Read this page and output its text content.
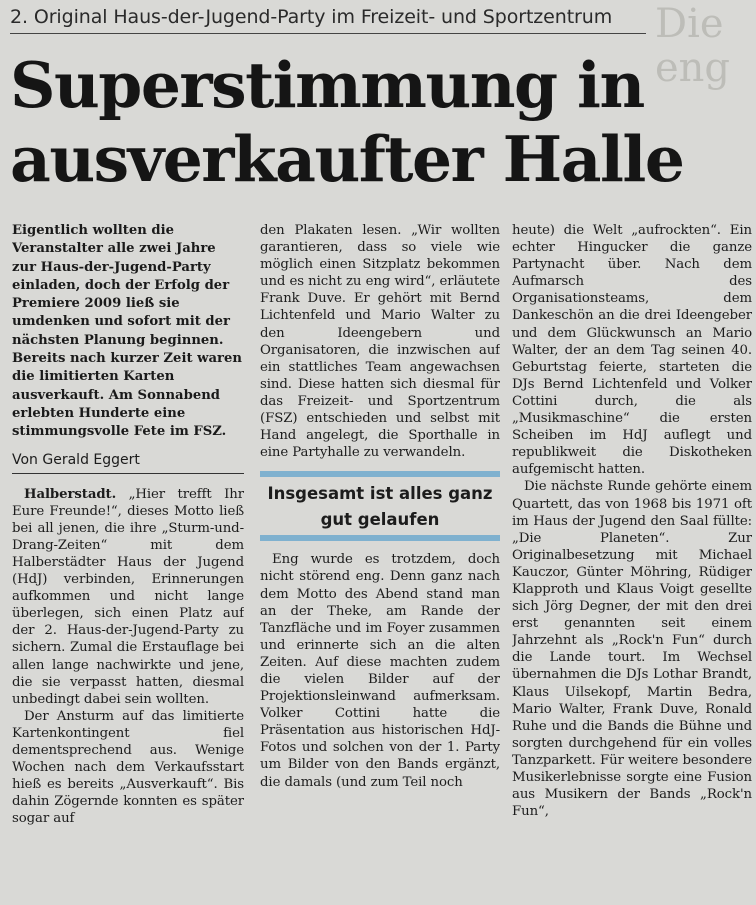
Die
eng
2. Original Haus-der-Jugend-Party im Freizeit- und Sportzentrum
Superstimmung in
ausverkaufter Halle
Eigentlich wollten die Veranstalter alle zwei Jahre zur Haus-der-Jugend-Party einladen, doch der Erfolg der Premiere 2009 ließ sie umdenken und sofort mit der nächsten Planung beginnen. Bereits nach kurzer Zeit waren die limitierten Karten ausverkauft. Am Sonnabend erlebten Hunderte eine stimmungsvolle Fete im FSZ.
Von Gerald Eggert

Halberstadt. „Hier trefft Ihr Eure Freunde!“, dieses Motto ließ bei all jenen, die ihre „Sturm-und-Drang-Zeiten“ mit dem Halberstädter Haus der Jugend (HdJ) verbinden, Erinnerungen aufkommen und nicht lange überlegen, sich einen Platz auf der 2. Haus-der-Jugend-Party zu sichern. Zumal die Erstauflage bei allen lange nachwirkte und jene, die sie verpasst hatten, diesmal unbedingt dabei sein wollten.

Der Ansturm auf das limitierte Kartenkontingent fiel dementsprechend aus. Wenige Wochen nach dem Verkaufsstart hieß es bereits „Ausverkauft“. Bis dahin Zögernde konnten es später sogar auf

den Plakaten lesen. „Wir wollten garantieren, dass so viele wie möglich einen Sitzplatz bekommen und es nicht zu eng wird“, erläutete Frank Duve. Er gehört mit Bernd Lichtenfeld und Mario Walter zu den Ideengebern und Organisatoren, die inzwischen auf ein stattliches Team angewachsen sind. Diese hatten sich diesmal für das Freizeit- und Sportzentrum (FSZ) entschieden und selbst mit Hand angelegt, die Sporthalle in eine Partyhalle zu verwandeln.

Insgesamt ist alles ganz gut gelaufen

Eng wurde es trotzdem, doch nicht störend eng. Denn ganz nach dem Motto des Abend stand man an der Theke, am Rande der Tanzfläche und im Foyer zusammen und erinnerte sich an die alten Zeiten. Auf diese machten zudem die vielen Bilder auf der Projektionsleinwand aufmerksam. Volker Cottini hatte die Präsentation aus historischen HdJ-Fotos und solchen von der 1. Party um Bilder von den Bands ergänzt, die damals (und zum Teil noch

heute) die Welt „aufrockten“. Ein echter Hingucker die ganze Partynacht über. Nach dem Aufmarsch des Organisationsteams, dem Dankeschön an die drei Ideengeber und dem Glückwunsch an Mario Walter, der an dem Tag seinen 40. Geburtstag feierte, starteten die DJs Bernd Lichtenfeld und Volker Cottini durch, die als „Musikmaschine“ die ersten Scheiben im HdJ auflegt und republikweit die Diskotheken aufgemischt hatten.

Die nächste Runde gehörte einem Quartett, das von 1968 bis 1971 oft im Haus der Jugend den Saal füllte: „Die Planeten“. Zur Originalbesetzung mit Michael Kauczor, Günter Möhring, Rüdiger Klapproth und Klaus Voigt gesellte sich Jörg Degner, der mit den drei erst genannten seit einem Jahrzehnt als „Rock'n Fun“ durch die Lande tourt. Im Wechsel übernahmen die DJs Lothar Brandt, Klaus Uilsekopf, Martin Bedra, Mario Walter, Frank Duve, Ronald Ruhe und die Bands die Bühne und sorgten durchgehend für ein volles Tanzparkett. Für weitere besondere Musikerlebnisse sorgte eine Fusion aus Musikern der Bands „Rock'n Fun“,
